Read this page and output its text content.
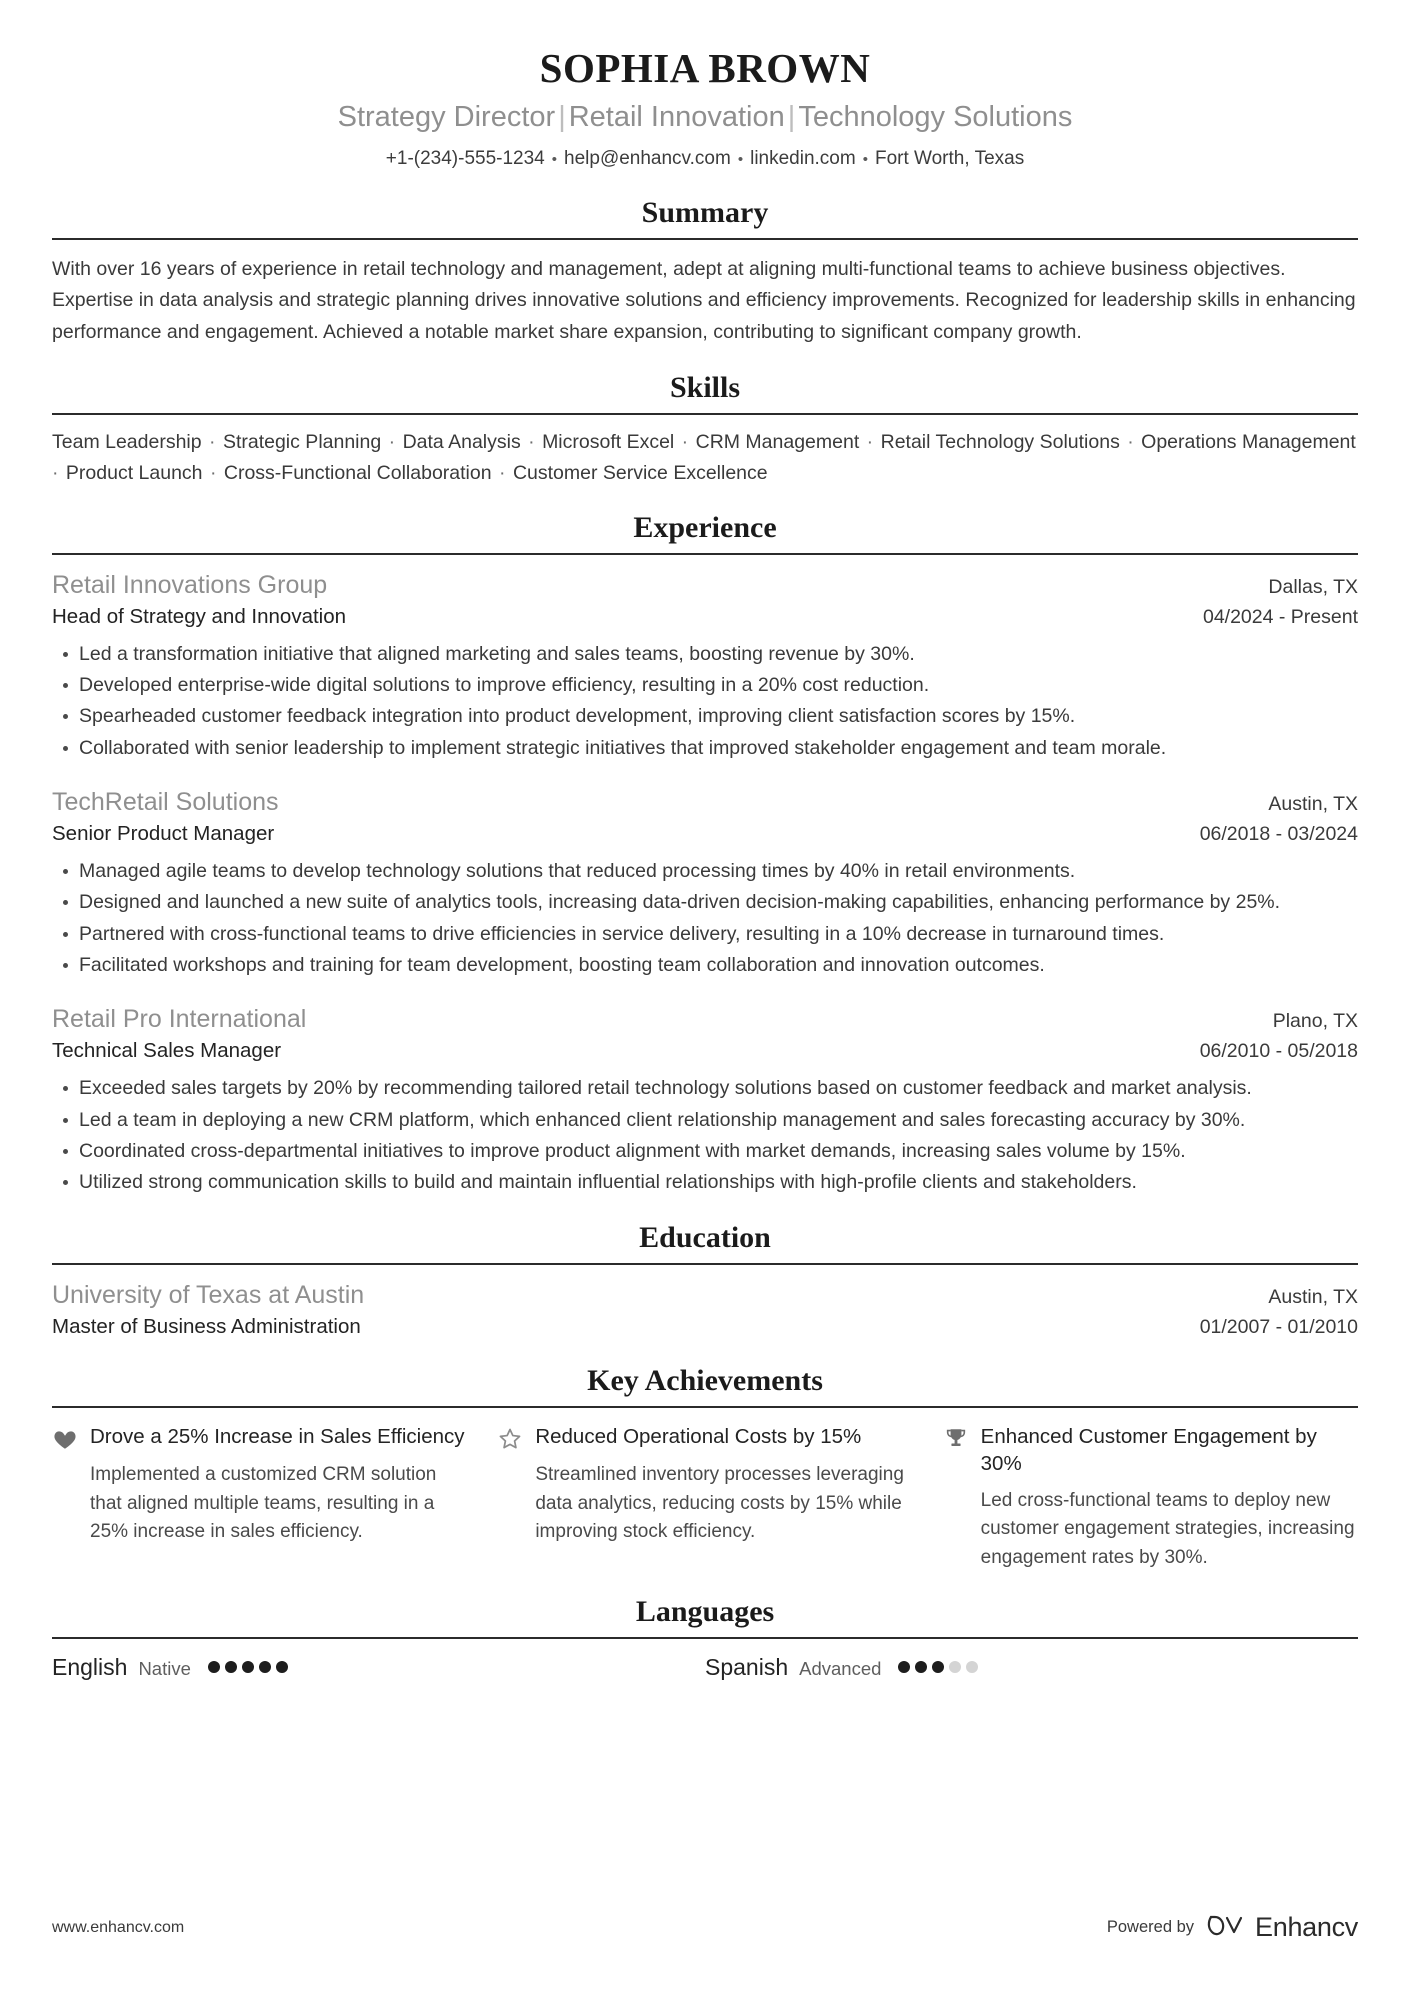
SOPHIA BROWN
Strategy Director | Retail Innovation | Technology Solutions
+1-(234)-555-1234 • help@enhancv.com • linkedin.com • Fort Worth, Texas
Summary
With over 16 years of experience in retail technology and management, adept at aligning multi-functional teams to achieve business objectives. Expertise in data analysis and strategic planning drives innovative solutions and efficiency improvements. Recognized for leadership skills in enhancing performance and engagement. Achieved a notable market share expansion, contributing to significant company growth.
Skills
Team Leadership · Strategic Planning · Data Analysis · Microsoft Excel · CRM Management · Retail Technology Solutions · Operations Management · Product Launch · Cross-Functional Collaboration · Customer Service Excellence
Experience
Retail Innovations Group	Dallas, TX
Head of Strategy and Innovation	04/2024 - Present
Led a transformation initiative that aligned marketing and sales teams, boosting revenue by 30%.
Developed enterprise-wide digital solutions to improve efficiency, resulting in a 20% cost reduction.
Spearheaded customer feedback integration into product development, improving client satisfaction scores by 15%.
Collaborated with senior leadership to implement strategic initiatives that improved stakeholder engagement and team morale.
TechRetail Solutions	Austin, TX
Senior Product Manager	06/2018 - 03/2024
Managed agile teams to develop technology solutions that reduced processing times by 40% in retail environments.
Designed and launched a new suite of analytics tools, increasing data-driven decision-making capabilities, enhancing performance by 25%.
Partnered with cross-functional teams to drive efficiencies in service delivery, resulting in a 10% decrease in turnaround times.
Facilitated workshops and training for team development, boosting team collaboration and innovation outcomes.
Retail Pro International	Plano, TX
Technical Sales Manager	06/2010 - 05/2018
Exceeded sales targets by 20% by recommending tailored retail technology solutions based on customer feedback and market analysis.
Led a team in deploying a new CRM platform, which enhanced client relationship management and sales forecasting accuracy by 30%.
Coordinated cross-departmental initiatives to improve product alignment with market demands, increasing sales volume by 15%.
Utilized strong communication skills to build and maintain influential relationships with high-profile clients and stakeholders.
Education
University of Texas at Austin	Austin, TX
Master of Business Administration	01/2007 - 01/2010
Key Achievements
Drove a 25% Increase in Sales Efficiency
Implemented a customized CRM solution that aligned multiple teams, resulting in a 25% increase in sales efficiency.
Reduced Operational Costs by 15%
Streamlined inventory processes leveraging data analytics, reducing costs by 15% while improving stock efficiency.
Enhanced Customer Engagement by 30%
Led cross-functional teams to deploy new customer engagement strategies, increasing engagement rates by 30%.
Languages
English Native	Spanish Advanced
www.enhancv.com	Powered by Enhancv
